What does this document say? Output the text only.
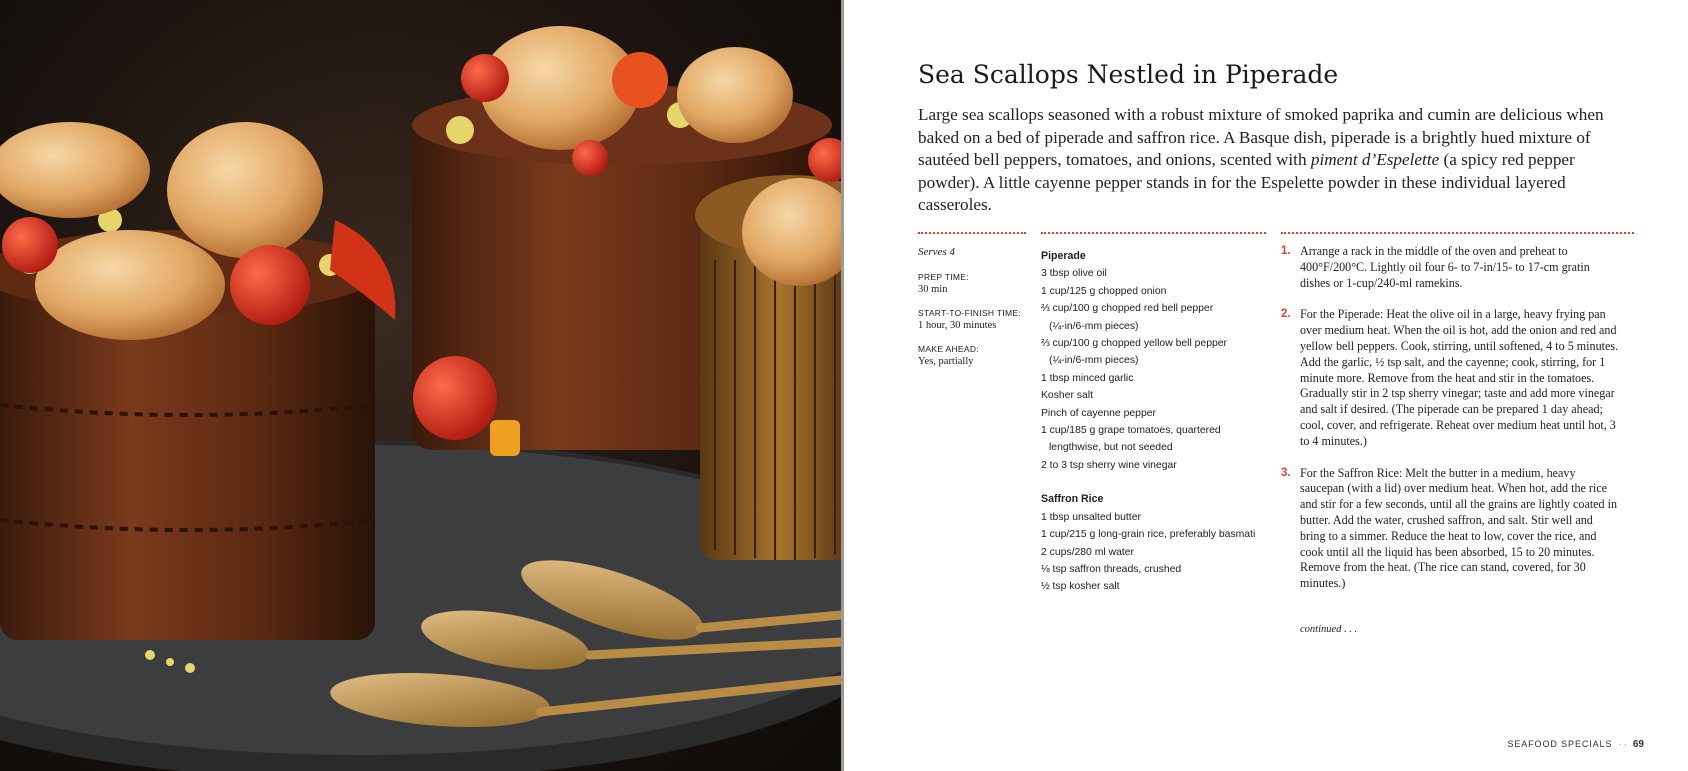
Sea Scallops Nestled in Piperade

Large sea scallops seasoned with a robust mixture of smoked paprika and cumin are delicious when baked on a bed of piperade and saffron rice. A Basque dish, piperade is a brightly hued mixture of sautéed bell peppers, tomatoes, and onions, scented with piment d’Espelette (a spicy red pepper powder). A little cayenne pepper stands in for the Espelette powder in these individual layered casseroles.

Serves 4

PREP TIME:

30 min

START-TO-FINISH TIME:

1 hour, 30 minutes

MAKE AHEAD:

Yes, partially

Piperade

3 tbsp olive oil

1 cup/125 g chopped onion

⅔ cup/100 g chopped red bell pepper

(¼-in/6-mm pieces)

⅔ cup/100 g chopped yellow bell pepper

(¼-in/6-mm pieces)

1 tbsp minced garlic

Kosher salt

Pinch of cayenne pepper

1 cup/185 g grape tomatoes, quartered

lengthwise, but not seeded

2 to 3 tsp sherry wine vinegar

Saffron Rice

1 tbsp unsalted butter

1 cup/215 g long-grain rice, preferably basmati

2 cups/280 ml water

⅛ tsp saffron threads, crushed

½ tsp kosher salt

1. Arrange a rack in the middle of the oven and preheat to 400°F/200°C. Lightly oil four 6- to 7-in/15- to 17-cm gratin dishes or 1-cup/240-ml ramekins.

2. For the Piperade: Heat the olive oil in a large, heavy frying pan over medium heat. When the oil is hot, add the onion and red and yellow bell peppers. Cook, stirring, until softened, 4 to 5 minutes. Add the garlic, ½ tsp salt, and the cayenne; cook, stirring, for 1 minute more. Remove from the heat and stir in the tomatoes. Gradually stir in 2 tsp sherry vinegar; taste and add more vinegar and salt if desired. (The piperade can be prepared 1 day ahead; cool, cover, and refrigerate. Reheat over medium heat until hot, 3 to 4 minutes.)

3. For the Saffron Rice: Melt the butter in a medium, heavy saucepan (with a lid) over medium heat. When hot, add the rice and stir for a few seconds, until all the grains are lightly coated in butter. Add the water, crushed saffron, and salt. Stir well and bring to a simmer. Reduce the heat to low, cover the rice, and cook until all the liquid has been absorbed, 15 to 20 minutes. Remove from the heat. (The rice can stand, covered, for 30 minutes.)

continued . . .
SEAFOOD SPECIALS · · 69
